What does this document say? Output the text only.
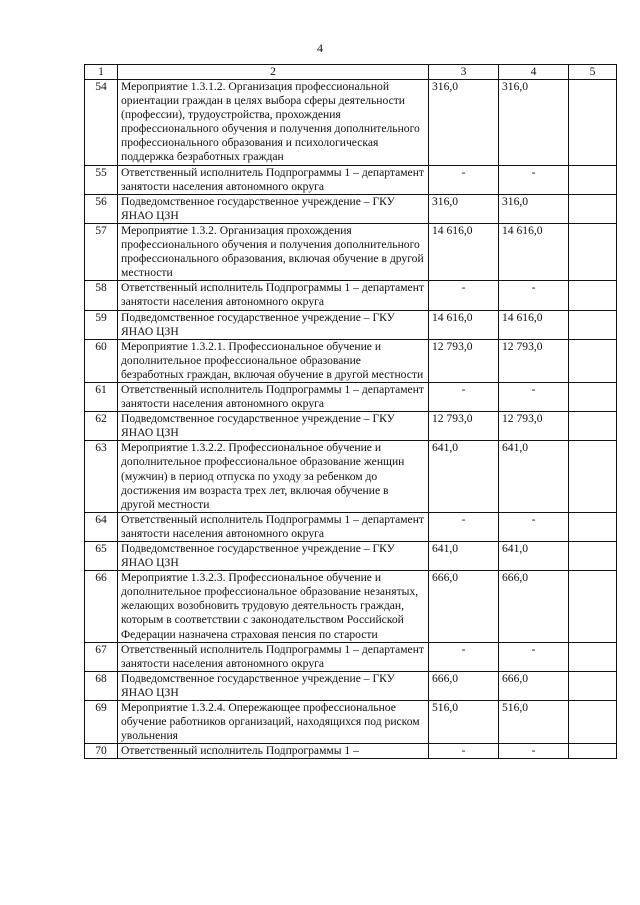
4
1	2	3	4	5
54	Мероприятие 1.3.1.2. Организация профессиональной ориентации граждан в целях выбора сферы деятельности (профессии), трудоустройства, прохождения профессионального обучения и получения дополнительного профессионального образования и психологическая поддержка безработных граждан	316,0	316,0	
55	Ответственный исполнитель Подпрограммы 1 – департамент занятости населения автономного округа	-	-	
56	Подведомственное государственное учреждение – ГКУ ЯНАО ЦЗН	316,0	316,0	
57	Мероприятие 1.3.2. Организация прохождения профессионального обучения и получения дополнительного профессионального образования, включая обучение в другой местности	14 616,0	14 616,0	
58	Ответственный исполнитель Подпрограммы 1 – департамент занятости населения автономного округа	-	-	
59	Подведомственное государственное учреждение – ГКУ ЯНАО ЦЗН	14 616,0	14 616,0	
60	Мероприятие 1.3.2.1. Профессиональное обучение и дополнительное профессиональное образование безработных граждан, включая обучение в другой местности	12 793,0	12 793,0	
61	Ответственный исполнитель Подпрограммы 1 – департамент занятости населения автономного округа	-	-	
62	Подведомственное государственное учреждение – ГКУ ЯНАО ЦЗН	12 793,0	12 793,0	
63	Мероприятие 1.3.2.2. Профессиональное обучение и дополнительное профессиональное образование женщин (мужчин) в период отпуска по уходу за ребенком до достижения им возраста трех лет, включая обучение в другой местности	641,0	641,0	
64	Ответственный исполнитель Подпрограммы 1 – департамент занятости населения автономного округа	-	-	
65	Подведомственное государственное учреждение – ГКУ ЯНАО ЦЗН	641,0	641,0	
66	Мероприятие 1.3.2.3. Профессиональное обучение и дополнительное профессиональное образование незанятых, желающих возобновить трудовую деятельность граждан, которым в соответствии с законодательством Российской Федерации назначена страховая пенсия по старости	666,0	666,0	
67	Ответственный исполнитель Подпрограммы 1 – департамент занятости населения автономного округа	-	-	
68	Подведомственное государственное учреждение – ГКУ ЯНАО ЦЗН	666,0	666,0	
69	Мероприятие 1.3.2.4. Опережающее профессиональное обучение работников организаций, находящихся под риском увольнения	516,0	516,0	
70	Ответственный исполнитель Подпрограммы 1 –	-	-	
